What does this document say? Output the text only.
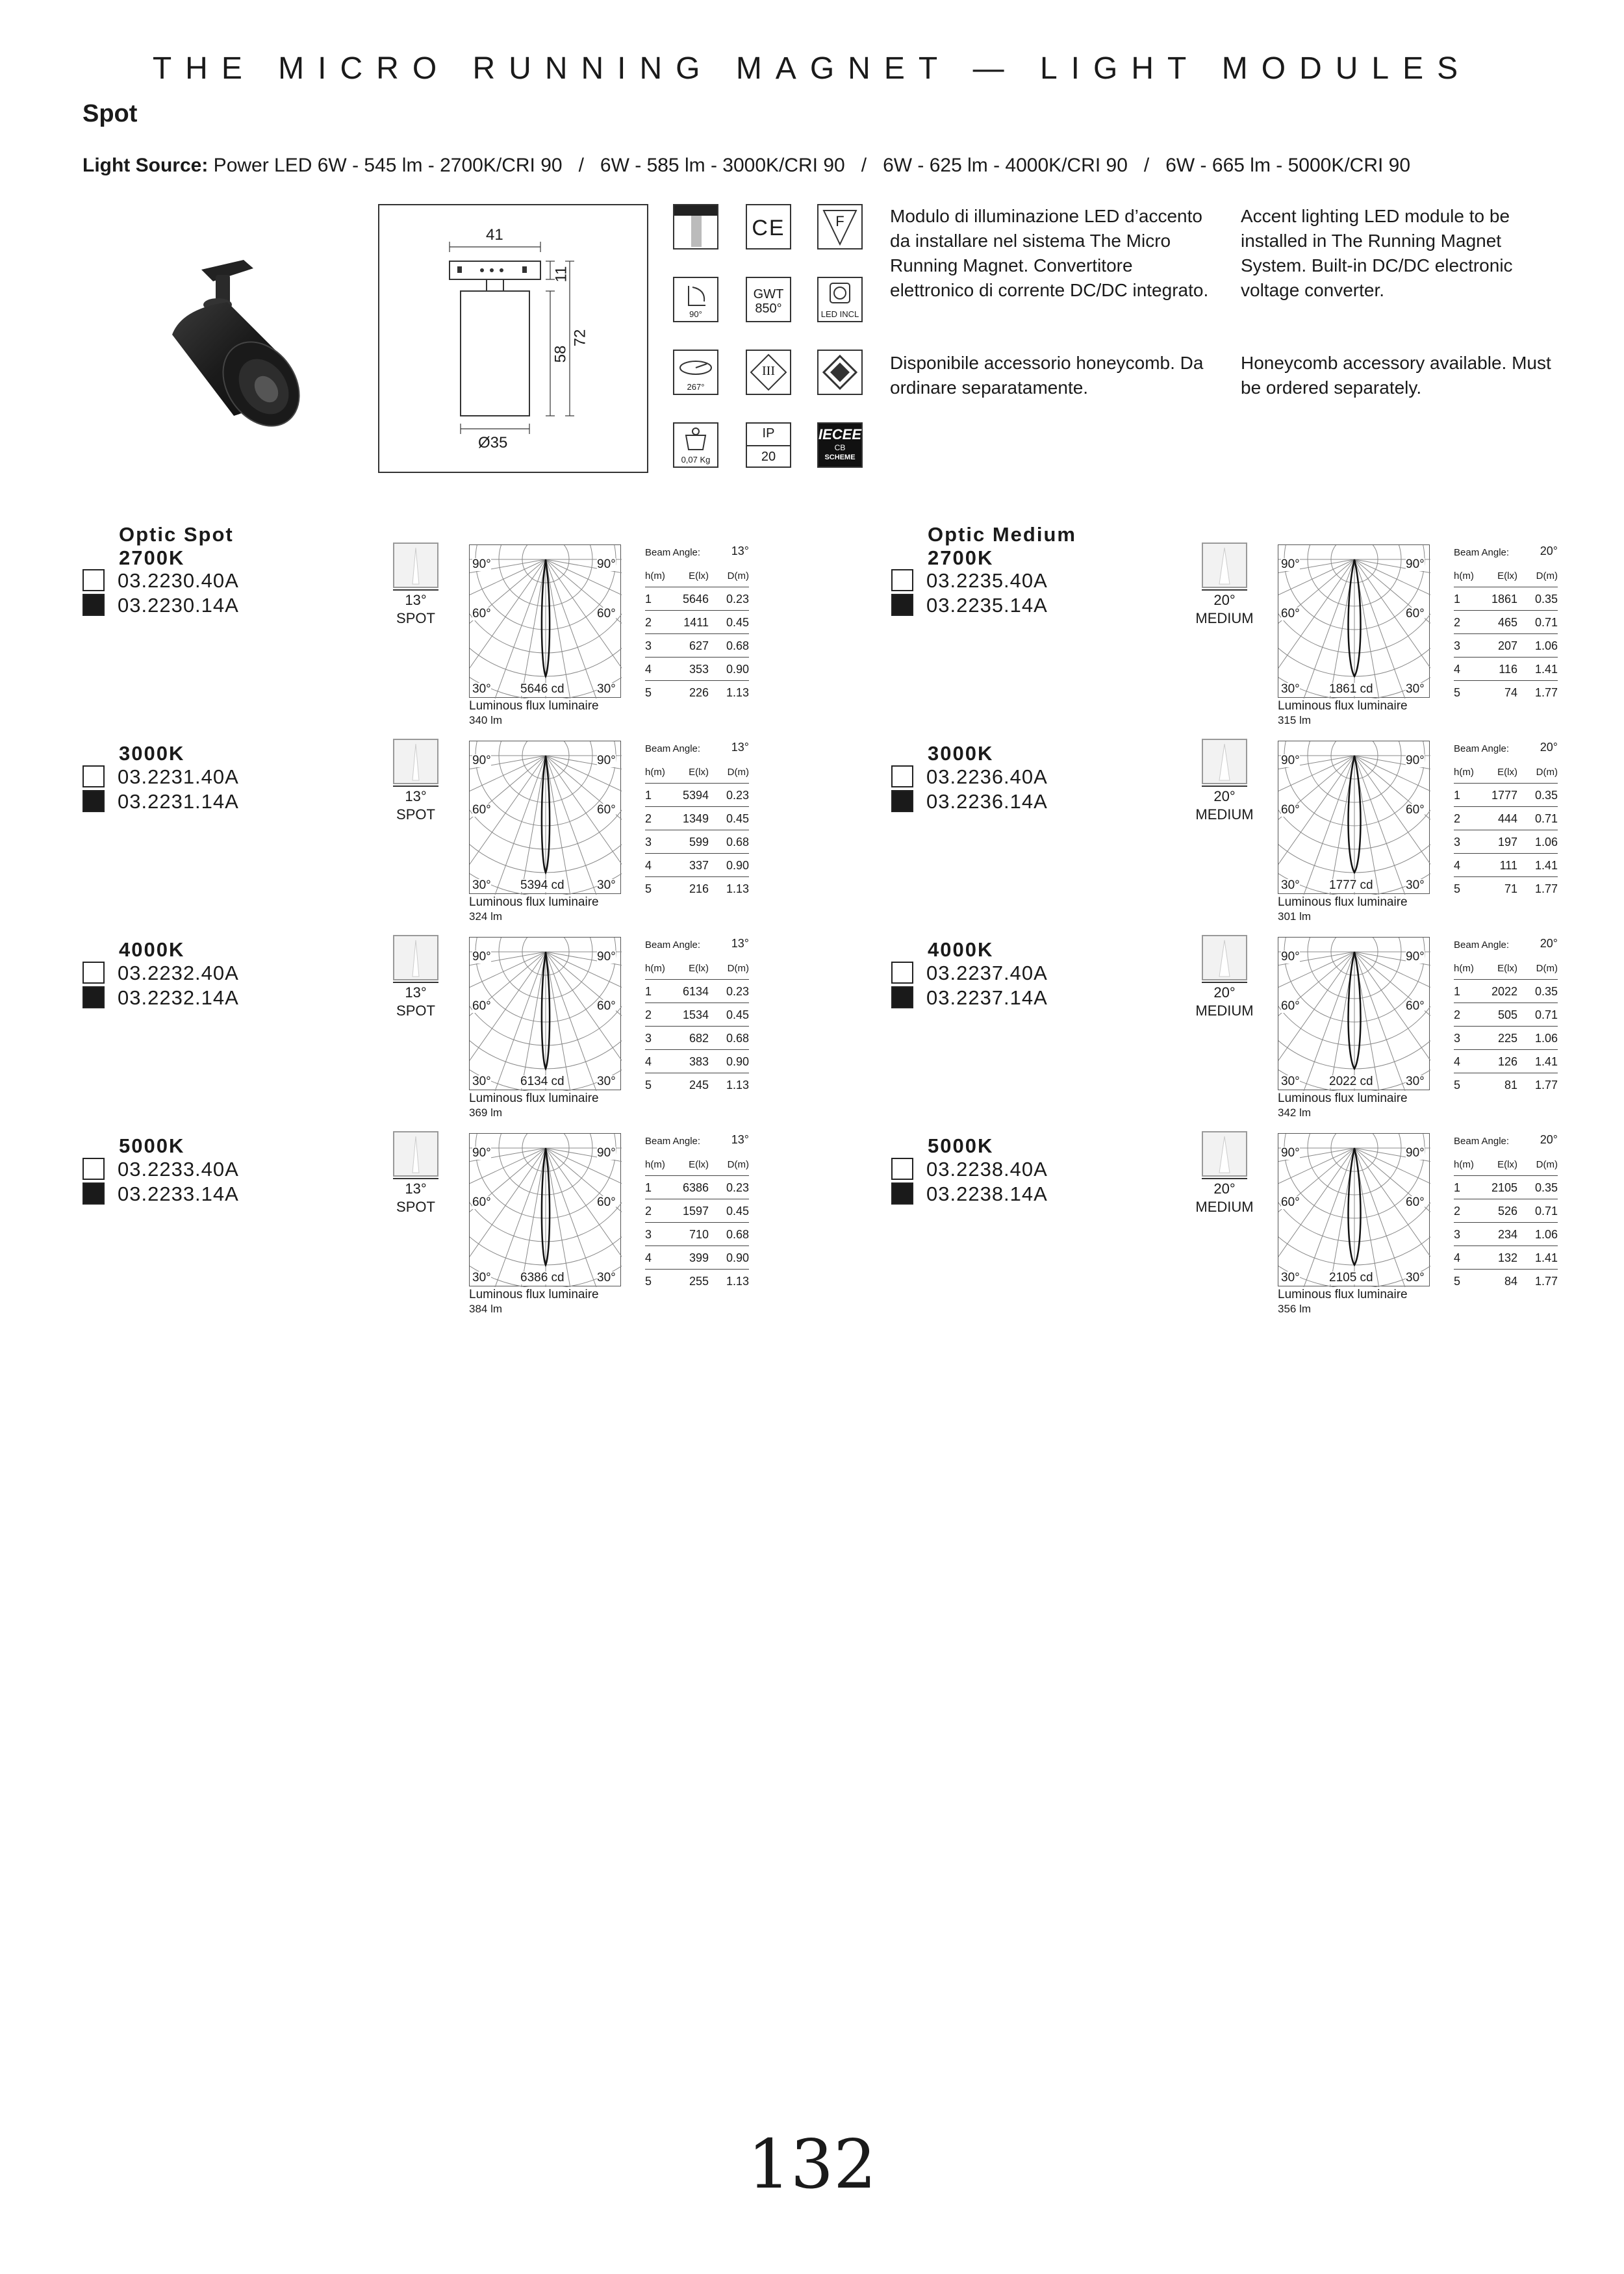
THE MICRO RUNNING MAGNET — LIGHT MODULES
Spot
Light Source: Power LED 6W - 545 lm - 2700K/CRI 90   /   6W - 585 lm - 3000K/CRI 90   /   6W - 625 lm - 4000K/CRI 90   /   6W - 665 lm - 5000K/CRI 90
41
11
58
72
Ø35
CE	F
90°
GWT
850°	LED INCL
267°
III
0,07 Kg
IP
20
IECEE
CB
SCHEME
Modulo di illuminazione LED d’accento da installare nel sistema The Micro Running Magnet. Convertitore elettronico di corrente DC/DC integrato.
Accent lighting LED module to be installed in The Running Magnet System. Built-in DC/DC electronic voltage converter.
Disponibile accessorio honeycomb. Da ordinare separatamente.
Honeycomb accessory available. Must be ordered separately.
Optic Spot
2700K
03.2230.40A
03.2230.14A	13°
SPOT
90°	90°
60°	60°
30°	30°
5646 cd
Luminous flux luminaire
340 lm
Beam Angle:	13°
h(m) E(lx) D(m)
1	5646 0.23
2	1411 0.45
3	627 0.68
4	353 0.90
5	226 1.13
3000K
03.2231.40A
03.2231.14A	13°
SPOT
90°	90°
60°	60°
30°	30°
5394 cd
Luminous flux luminaire
324 lm
Beam Angle:	13°
h(m) E(lx) D(m)
1	5394 0.23
2	1349 0.45
3	599 0.68
4	337 0.90
5	216 1.13
4000K
03.2232.40A
03.2232.14A	13°
SPOT
90°	90°
60°	60°
30°	30°
6134 cd
Luminous flux luminaire
369 lm
Beam Angle:	13°
h(m) E(lx) D(m)
1	6134 0.23
2	1534 0.45
3	682 0.68
4	383 0.90
5	245 1.13
5000K
03.2233.40A
03.2233.14A	13°
SPOT
90°	90°
60°	60°
30°	30°
6386 cd
Luminous flux luminaire
384 lm
Beam Angle:	13°
h(m) E(lx) D(m)
1	6386 0.23
2	1597 0.45
3	710 0.68
4	399 0.90
5	255 1.13
Optic Medium
2700K
03.2235.40A
03.2235.14A	20°
MEDIUM
90°	90°
60°	60°
30°	30°
1861 cd
Luminous flux luminaire
315 lm
Beam Angle:	20°
h(m) E(lx) D(m)
1	1861 0.35
2	465 0.71
3	207 1.06
4	116 1.41
5	74 1.77
3000K
03.2236.40A
03.2236.14A	20°
MEDIUM
90°	90°
60°	60°
30°	30°
1777 cd
Luminous flux luminaire
301 lm
Beam Angle:	20°
h(m) E(lx) D(m)
1	1777 0.35
2	444 0.71
3	197 1.06
4	111 1.41
5	71 1.77
4000K
03.2237.40A
03.2237.14A	20°
MEDIUM
90°	90°
60°	60°
30°	30°
2022 cd
Luminous flux luminaire
342 lm
Beam Angle:	20°
h(m) E(lx) D(m)
1	2022 0.35
2	505 0.71
3	225 1.06
4	126 1.41
5	81 1.77
5000K
03.2238.40A
03.2238.14A	20°
MEDIUM
90°	90°
60°	60°
30°	30°
2105 cd
Luminous flux luminaire
356 lm
Beam Angle:	20°
h(m) E(lx) D(m)
1	2105 0.35
2	526 0.71
3	234 1.06
4	132 1.41
5	84 1.77
132
